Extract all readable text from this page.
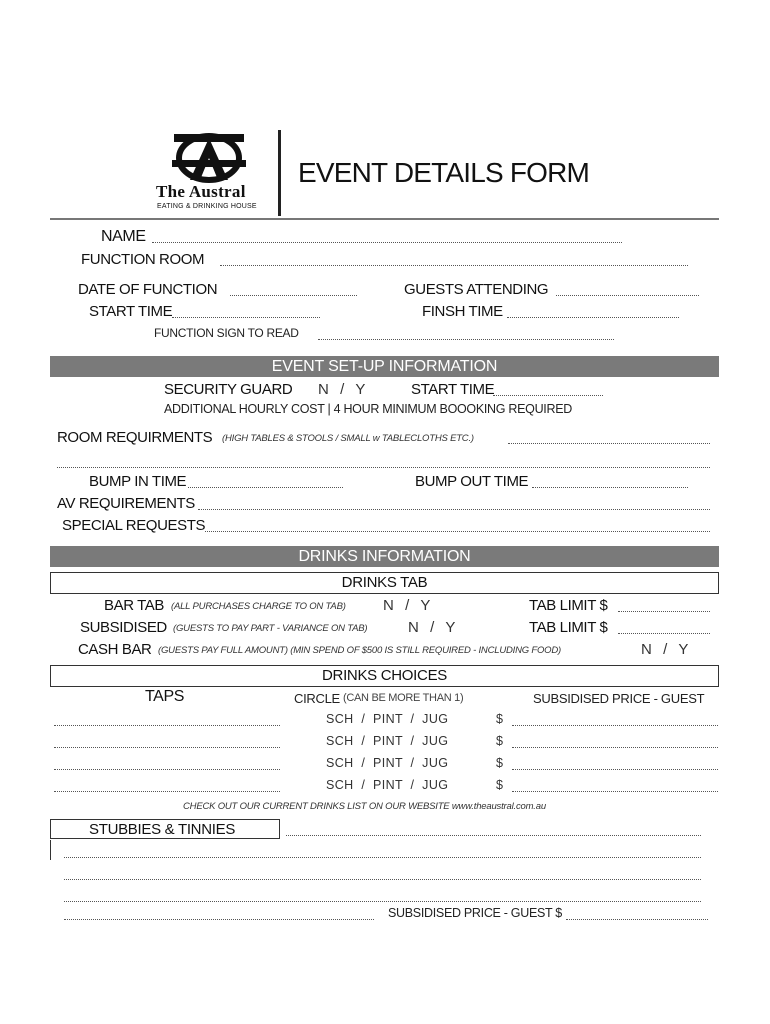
The Austral
EATING & DRINKING HOUSE
EVENT DETAILS FORM
NAME
FUNCTION ROOM
DATE OF FUNCTION	GUESTS ATTENDING
START TIME	FINSH TIME
FUNCTION SIGN TO READ
EVENT SET-UP INFORMATION
SECURITY GUARD N  /  Y	START TIME
ADDITIONAL HOURLY COST | 4 HOUR MINIMUM BOOOKING REQUIRED
ROOM REQUIRMENTS (HIGH TABLES & STOOLS / SMALL w TABLECLOTHS ETC.)
BUMP IN TIME	BUMP OUT TIME
AV REQUIREMENTS
SPECIAL REQUESTS
DRINKS INFORMATION
DRINKS TAB
BAR TAB (ALL PURCHASES CHARGE TO ON TAB) N  /  Y	TAB LIMIT $
SUBSIDISED (GUESTS TO PAY PART - VARIANCE ON TAB)	N  /  Y	TAB LIMIT $
CASH BAR (GUESTS PAY FULL AMOUNT) (MIN SPEND OF $500 IS STILL REQUIRED - INCLUDING FOOD)	N  /  Y
DRINKS CHOICES
TAPS	CIRCLE (CAN BE MORE THAN 1)	SUBSIDISED PRICE - GUEST
SCH  /  PINT  /  JUG	$
SCH  /  PINT  /  JUG	$
SCH  /  PINT  /  JUG	$
SCH  /  PINT  /  JUG	$
CHECK OUT OUR CURRENT DRINKS LIST ON OUR WEBSITE www.theaustral.com.au
STUBBIES & TINNIES
SUBSIDISED PRICE - GUEST $
